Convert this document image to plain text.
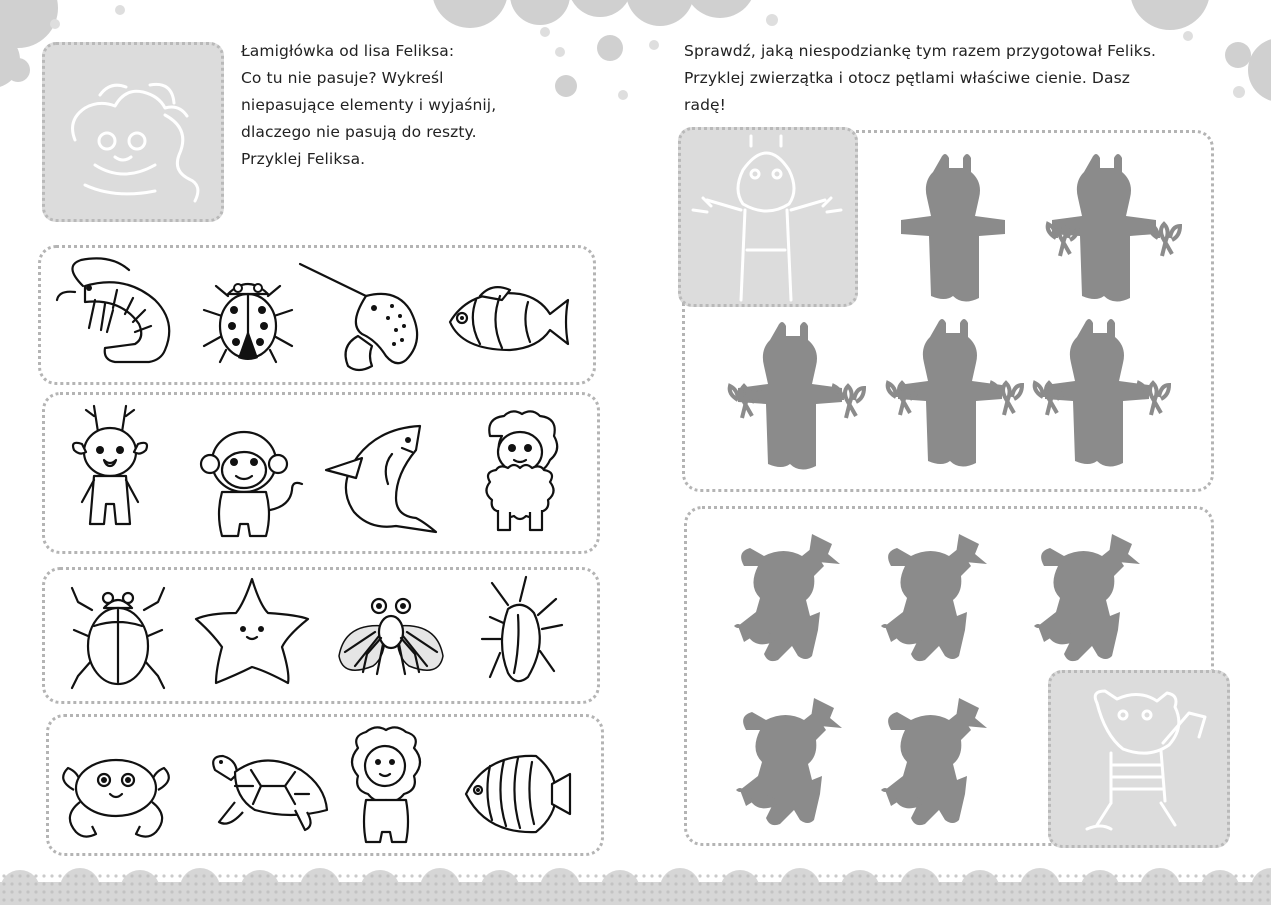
Łamigłówka od lisa Feliksa:
Co tu nie pasuje? Wykreśl
niepasujące elementy i wyjaśnij,
dlaczego nie pasują do reszty.
Przyklej Feliksa.
Sprawdź, jaką niespodziankę tym razem przygotował Feliks.
Przyklej zwierzątka i otocz pętlami właściwe cienie. Dasz
radę!
